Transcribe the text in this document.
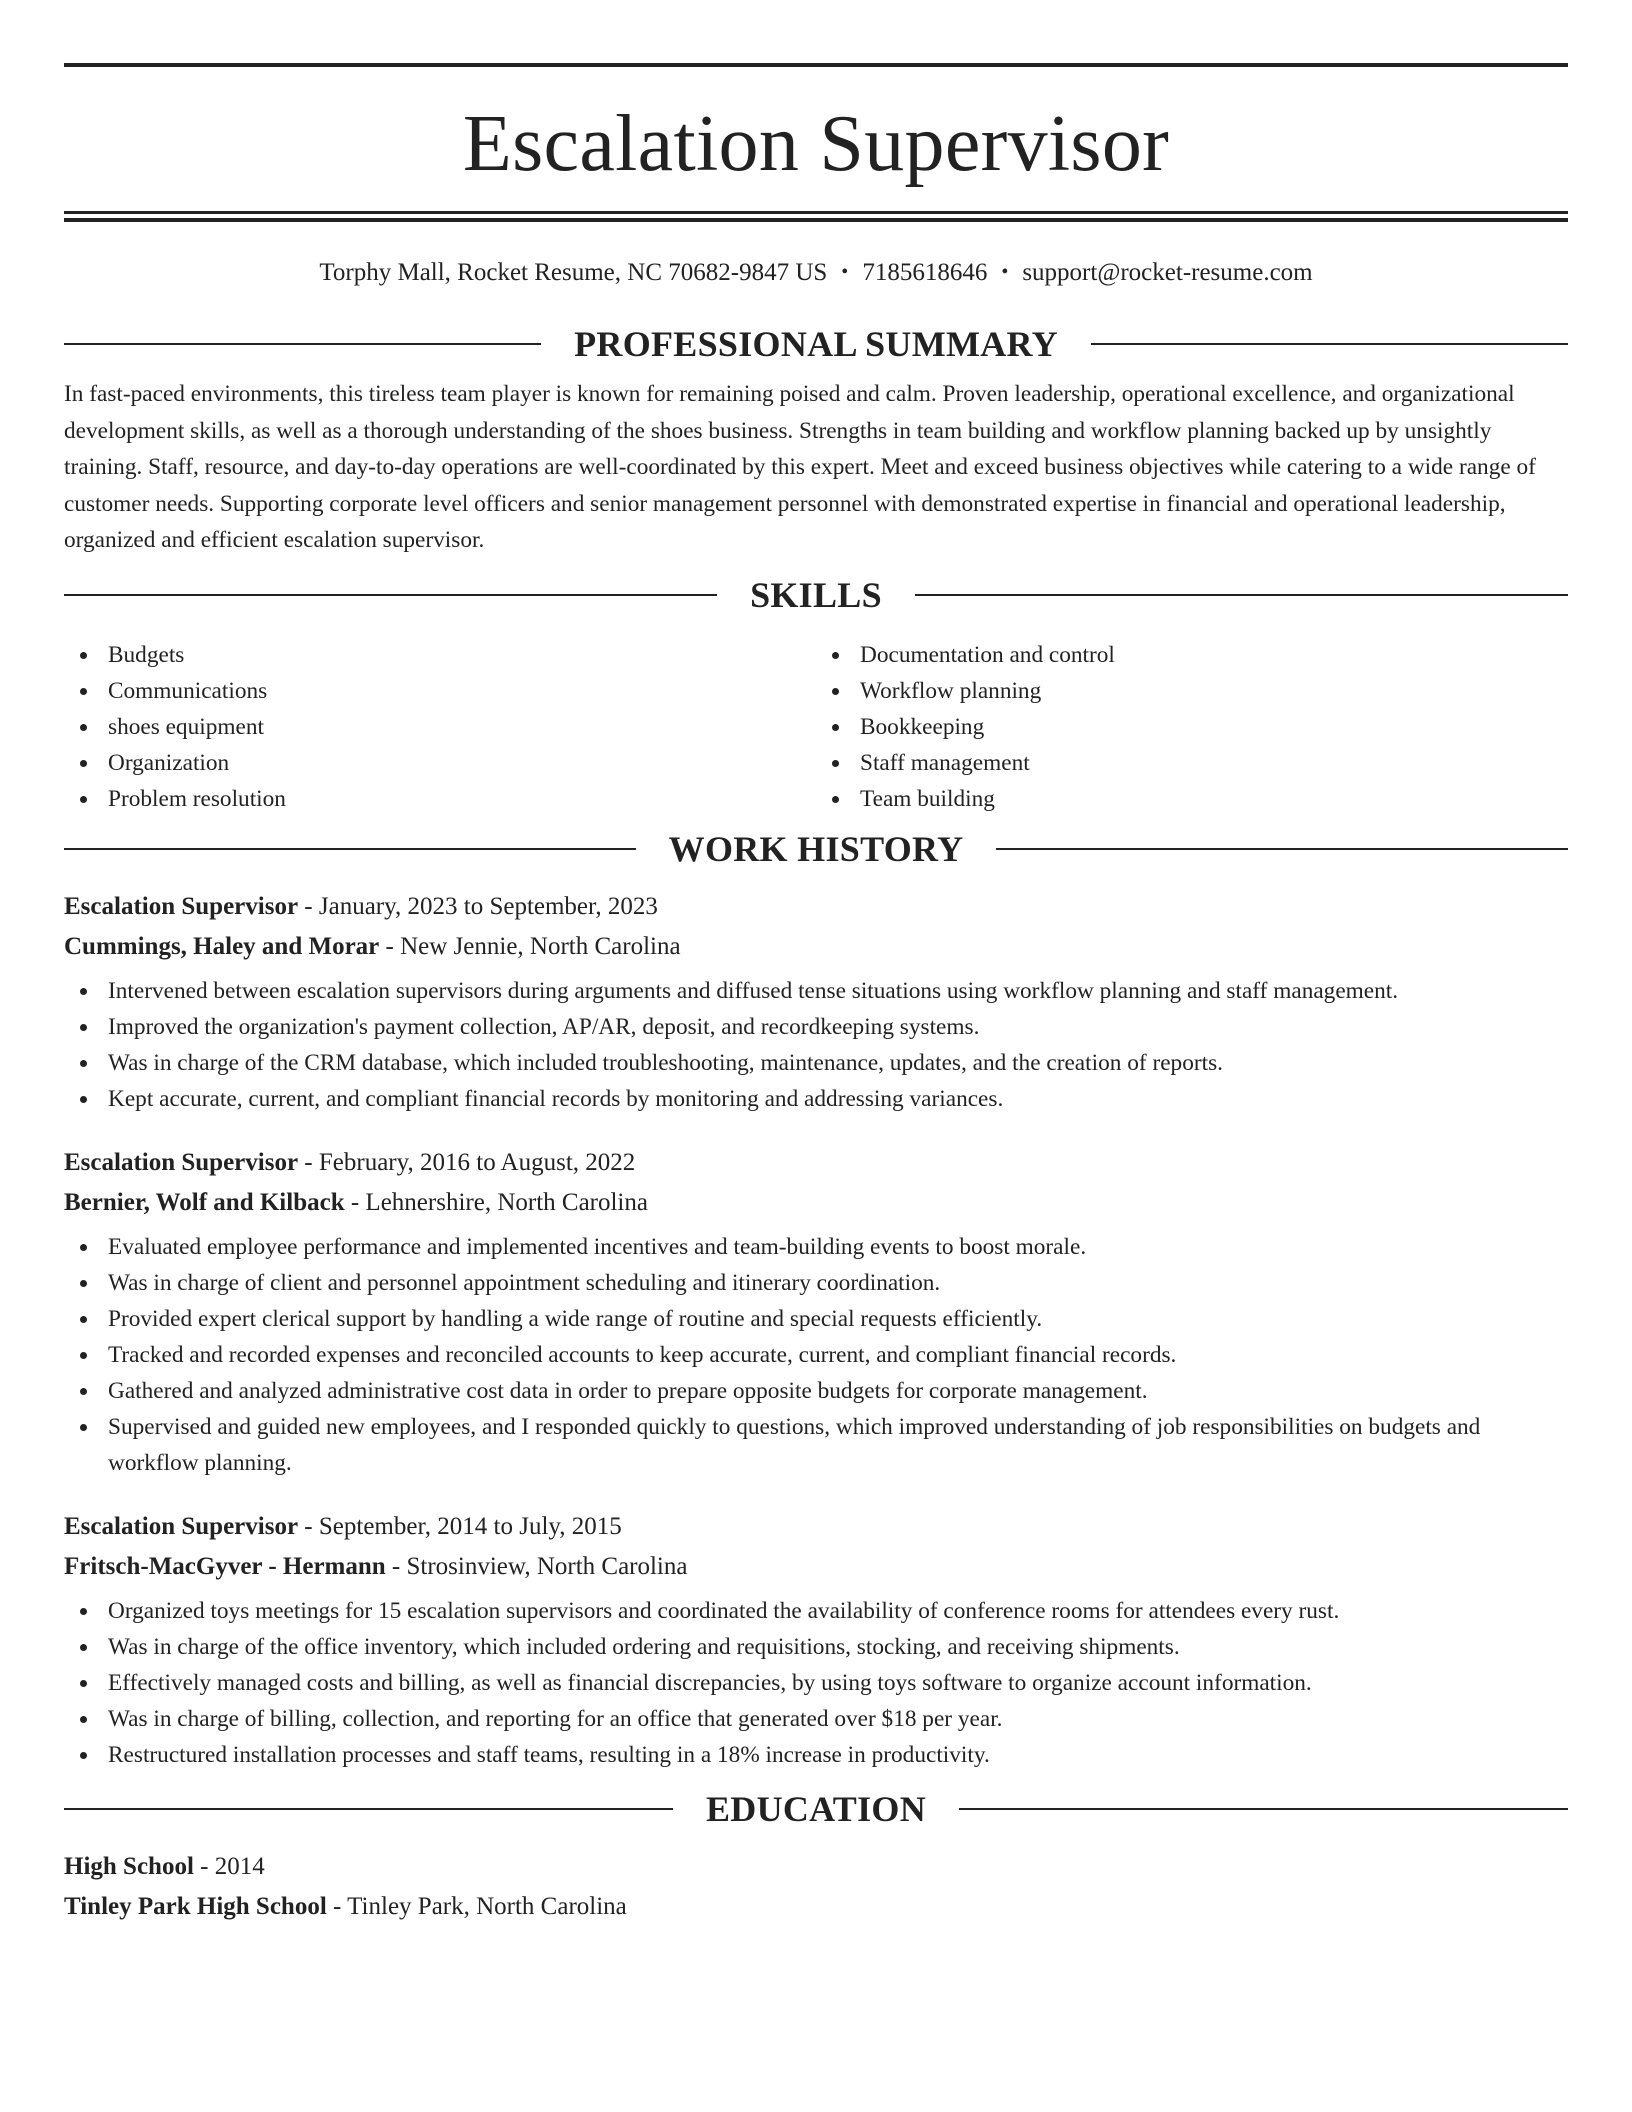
Escalation Supervisor
Torphy Mall, Rocket Resume, NC 70682-9847 US • 7185618646 • support@rocket-resume.com
PROFESSIONAL SUMMARY

In fast-paced environments, this tireless team player is known for remaining poised and calm. Proven leadership, operational excellence, and organizational development skills, as well as a thorough understanding of the shoes business. Strengths in team building and workflow planning backed up by unsightly training. Staff, resource, and day-to-day operations are well-coordinated by this expert. Meet and exceed business objectives while catering to a wide range of customer needs. Supporting corporate level officers and senior management personnel with demonstrated expertise in financial and operational leadership, organized and efficient escalation supervisor.

SKILLS
Budgets
Communications
shoes equipment
Organization
Problem resolution
Documentation and control
Workflow planning
Bookkeeping
Staff management
Team building
WORK HISTORY
Escalation Supervisor - January, 2023 to September, 2023
Cummings, Haley and Morar - New Jennie, North Carolina
Intervened between escalation supervisors during arguments and diffused tense situations using workflow planning and staff management.
Improved the organization's payment collection, AP/AR, deposit, and recordkeeping systems.
Was in charge of the CRM database, which included troubleshooting, maintenance, updates, and the creation of reports.
Kept accurate, current, and compliant financial records by monitoring and addressing variances.
Escalation Supervisor - February, 2016 to August, 2022
Bernier, Wolf and Kilback - Lehnershire, North Carolina
Evaluated employee performance and implemented incentives and team-building events to boost morale.
Was in charge of client and personnel appointment scheduling and itinerary coordination.
Provided expert clerical support by handling a wide range of routine and special requests efficiently.
Tracked and recorded expenses and reconciled accounts to keep accurate, current, and compliant financial records.
Gathered and analyzed administrative cost data in order to prepare opposite budgets for corporate management.
Supervised and guided new employees, and I responded quickly to questions, which improved understanding of job responsibilities on budgets and workflow planning.
Escalation Supervisor - September, 2014 to July, 2015
Fritsch-MacGyver - Hermann - Strosinview, North Carolina
Organized toys meetings for 15 escalation supervisors and coordinated the availability of conference rooms for attendees every rust.
Was in charge of the office inventory, which included ordering and requisitions, stocking, and receiving shipments.
Effectively managed costs and billing, as well as financial discrepancies, by using toys software to organize account information.
Was in charge of billing, collection, and reporting for an office that generated over $18 per year.
Restructured installation processes and staff teams, resulting in a 18% increase in productivity.
EDUCATION
High School - 2014
Tinley Park High School - Tinley Park, North Carolina
